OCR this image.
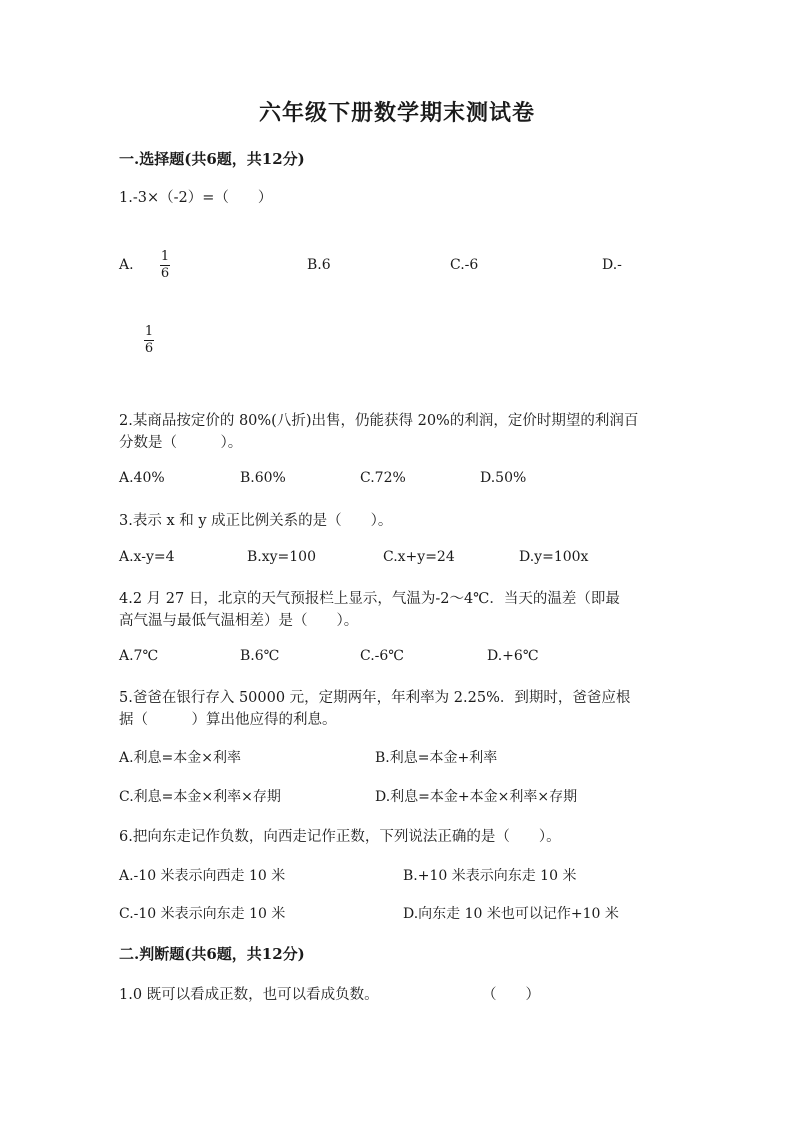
六年级下册数学期末测试卷
一.选择题(共6题，共12分)
1.-3×（-2）=（　　）
A.
1
6
B.6	C.-6	D.-
1
6
2.某商品按定价的 80%(八折)出售，仍能获得 20%的利润，定价时期望的利润百
分数是（　　　）。
A.40%	B.60%	C.72%	D.50%
3.表示 x 和 y 成正比例关系的是（　　）。
A.x-y=4	B.xy=100	C.x+y=24	D.y=100x
4.2 月 27 日，北京的天气预报栏上显示，气温为-2～4℃．当天的温差（即最
高气温与最低气温相差）是（　　）。
A.7℃	B.6℃	C.-6℃	D.+6℃
5.爸爸在银行存入 50000 元，定期两年，年利率为 2.25%．到期时，爸爸应根
据（　　　）算出他应得的利息。
A.利息=本金×利率	B.利息=本金+利率
C.利息=本金×利率×存期	D.利息=本金+本金×利率×存期
6.把向东走记作负数，向西走记作正数，下列说法正确的是（　　）。
A.-10 米表示向西走 10 米	B.+10 米表示向东走 10 米
C.-10 米表示向东走 10 米	D.向东走 10 米也可以记作+10 米
二.判断题(共6题，共12分)
1.0 既可以看成正数，也可以看成负数。	（　　）
